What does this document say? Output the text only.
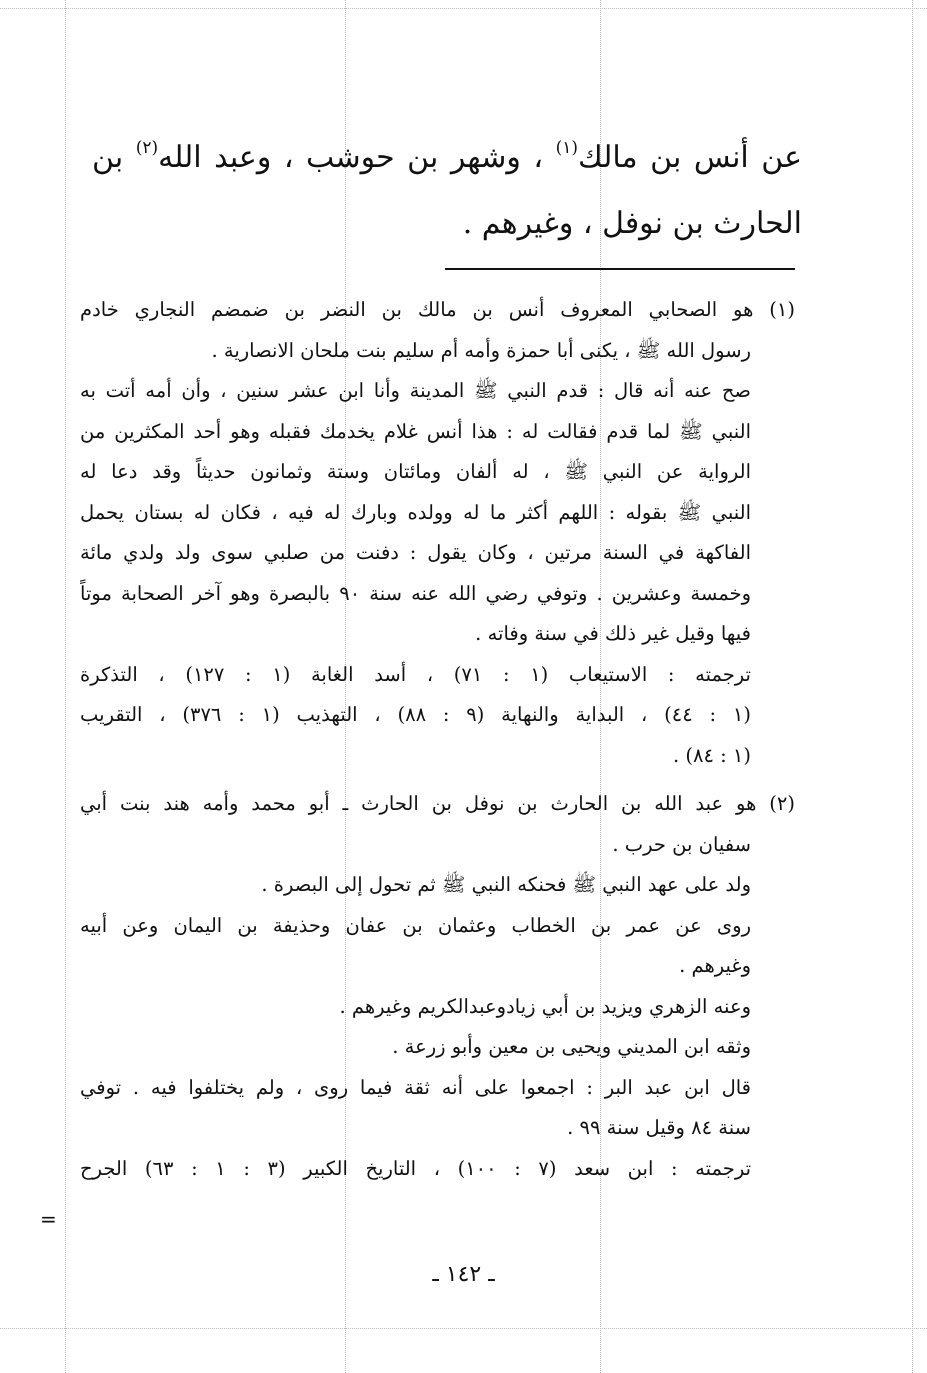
عن أنس بن مالك$^{(١)}$ ، وشهر بن حوشب ، وعبد الله$^{(٢)}$ بن
الحارث بن نوفل ، وغيرهم .
(١) هو الصحابي المعروف أنس بن مالك بن النضر بن ضمضم النجاري خادم
رسول الله ﷺ ، يكنى أبا حمزة وأمه أم سليم بنت ملحان الانصارية .
صح عنه أنه قال : قدم النبي ﷺ المدينة وأنا ابن عشر سنين ، وأن أمه أتت به
النبي ﷺ لما قدم فقالت له : هذا أنس غلام يخدمك فقبله وهو أحد المكثرين من
الرواية عن النبي ﷺ ، له ألفان ومائتان وستة وثمانون حديثاً وقد دعا له
النبي ﷺ بقوله : اللهم أكثر ما له وولده وبارك له فيه ، فكان له بستان يحمل
الفاكهة في السنة مرتين ، وكان يقول : دفنت من صلبي سوى ولد ولدي مائة
وخمسة وعشرين . وتوفي رضي الله عنه سنة ٩٠ بالبصرة وهو آخر الصحابة موتاً
فيها وقيل غير ذلك في سنة وفاته .
ترجمته : الاستيعاب (١ : ٧١) ، أسد الغابة (١ : ١٢٧) ، التذكرة
(١ : ٤٤) ، البداية والنهاية (٩ : ٨٨) ، التهذيب (١ : ٣٧٦) ، التقريب
(١ : ٨٤) .
(٢) هو عبد الله بن الحارث بن نوفل بن الحارث ـ أبو محمد وأمه هند بنت أبي
سفيان بن حرب .
ولد على عهد النبي ﷺ فحنكه النبي ﷺ ثم تحول إلى البصرة .
روى عن عمر بن الخطاب وعثمان بن عفان وحذيفة بن اليمان وعن أبيه
وغيرهم .
وعنه الزهري ويزيد بن أبي زيادوعبدالكريم وغيرهم .
وثقه ابن المديني ويحيى بن معين وأبو زرعة .
قال ابن عبد البر : اجمعوا على أنه ثقة فيما روى ، ولم يختلفوا فيه . توفي
سنة ٨٤ وقيل سنة ٩٩ .
ترجمته : ابن سعد (٧ : ١٠٠) ، التاريخ الكبير (٣ : ١ : ٦٣) الجرح
=
ـ ١٤٢ ـ
